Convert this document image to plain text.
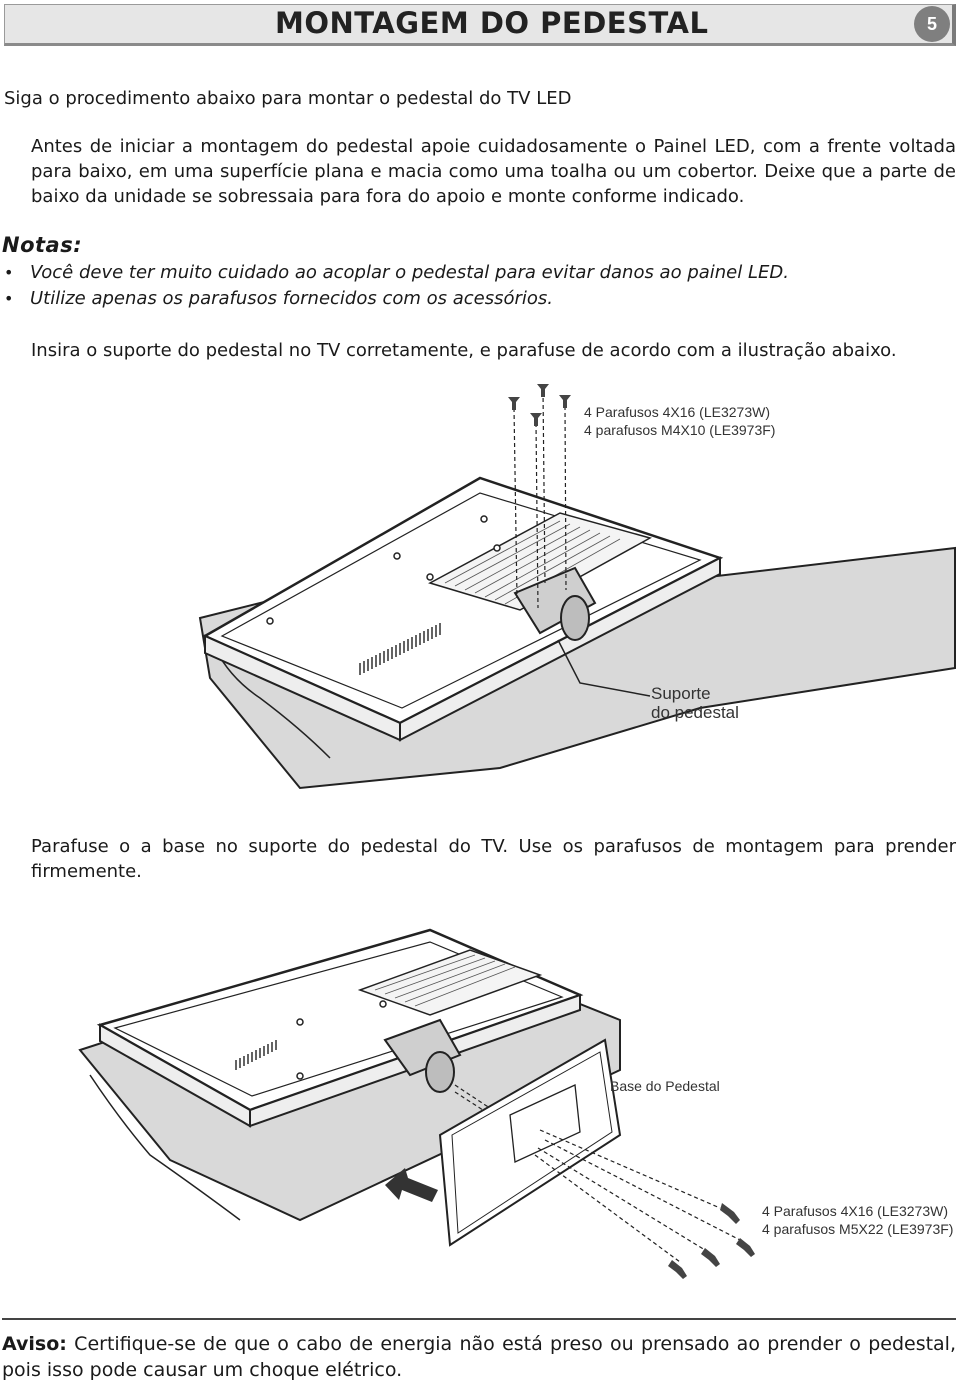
MONTAGEM DO PEDESTAL	5
Siga o procedimento abaixo para montar o pedestal do TV LED
Antes de iniciar a montagem do pedestal apoie cuidadosamente o Painel LED, com a frente voltada para baixo, em uma superfície plana e macia como uma toalha ou um cobertor. Deixe que a parte de baixo da unidade se sobressaia para fora do apoio e monte conforme indicado.
Notas:
• Você deve ter muito cuidado ao acoplar o pedestal para evitar danos ao painel LED.
• Utilize apenas os parafusos fornecidos com os acessórios.
Insira o suporte do pedestal no TV corretamente, e parafuse de acordo com a ilustração abaixo.
4 Parafusos 4X16 (LE3273W)
4 parafusos M4X10 (LE3973F)
Suporte
do pedestal
Parafuse o a base no suporte do pedestal do TV. Use os parafusos de montagem para prender firmemente.
Base do Pedestal
4 Parafusos 4X16 (LE3273W)
4 parafusos M5X22 (LE3973F)
Aviso: Certifique-se de que o cabo de energia não está preso ou prensado ao prender o pedestal, pois isso pode causar um choque elétrico.
